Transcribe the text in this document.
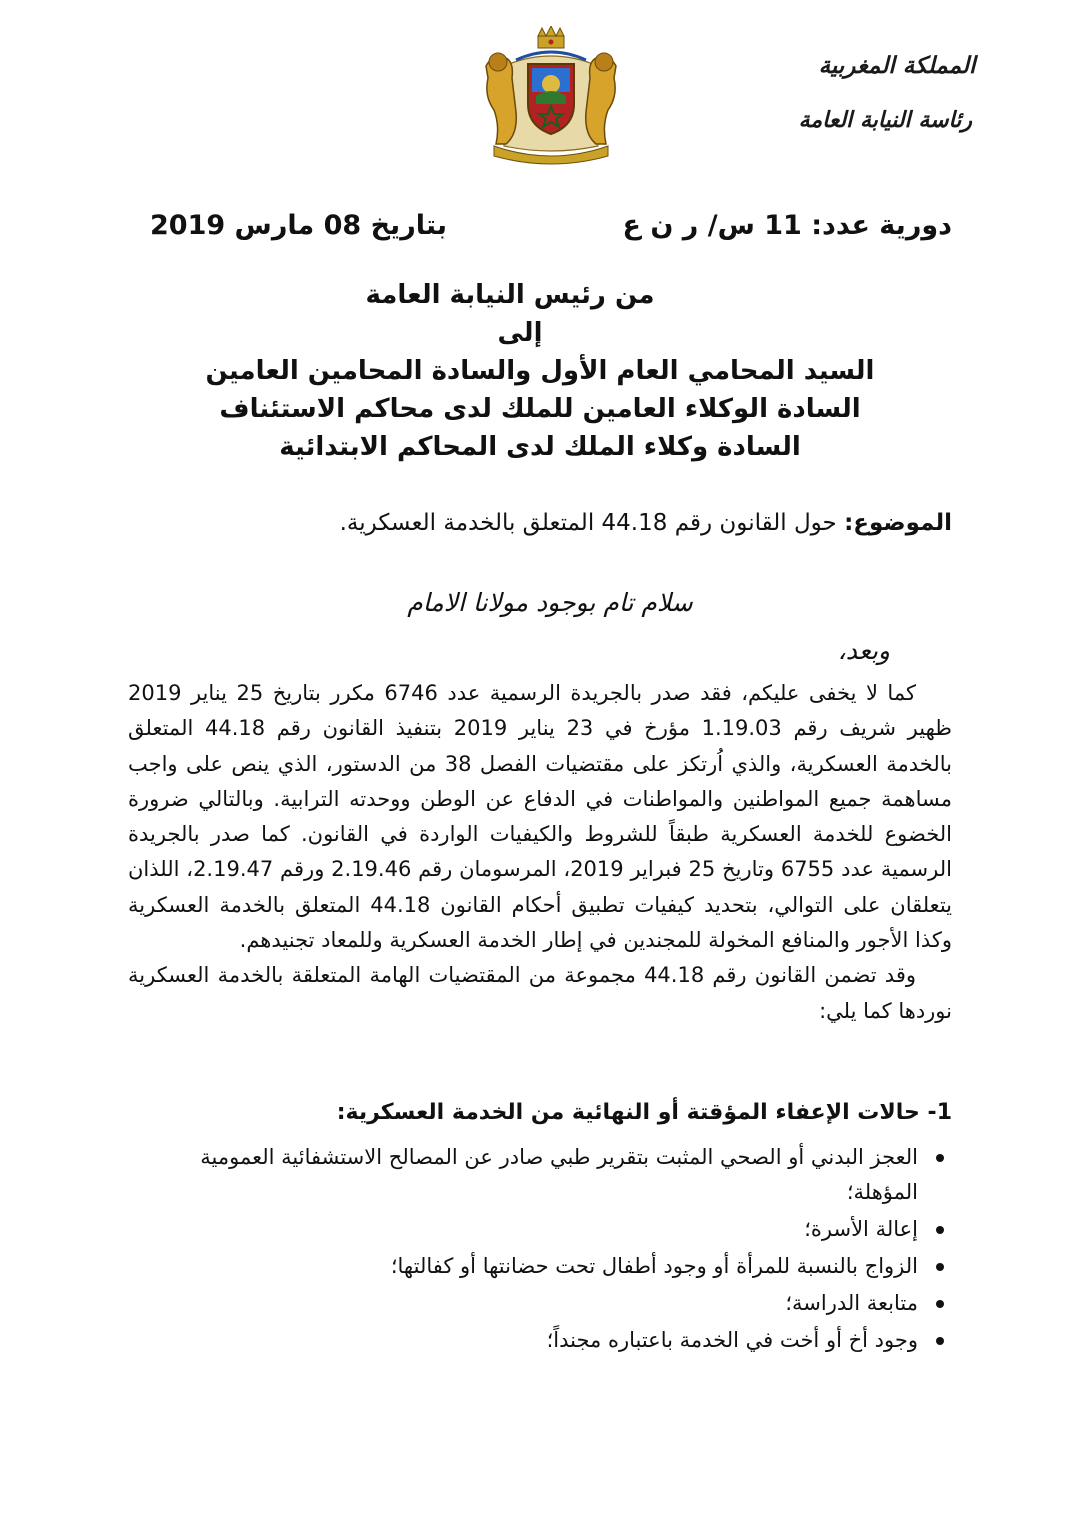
المملكة المغربية
رئاسة النيابة العامة
دورية عدد: 11 س/ ر ن ع
بتاريخ 08 مارس 2019
من رئيس النيابة العامة
إلى
السيد المحامي العام الأول والسادة المحامين العامين
السادة الوكلاء العامين للملك لدى محاكم الاستئناف
السادة وكلاء الملك لدى المحاكم الابتدائية
الموضوع: حول القانون رقم 44.18 المتعلق بالخدمة العسكرية.
سلام تام بوجود مولانا الامام
وبعد،

كما لا يخفى عليكم، فقد صدر بالجريدة الرسمية عدد 6746 مكرر بتاريخ 25 يناير 2019 ظهير شريف رقم 1.19.03 مؤرخ في 23 يناير 2019 بتنفيذ القانون رقم 44.18 المتعلق بالخدمة العسكرية، والذي اُرتكز على مقتضيات الفصل 38 من الدستور، الذي ينص على واجب مساهمة جميع المواطنين والمواطنات في الدفاع عن الوطن ووحدته الترابية. وبالتالي ضرورة الخضوع للخدمة العسكرية طبقاً للشروط والكيفيات الواردة في القانون. كما صدر بالجريدة الرسمية عدد 6755 وتاريخ 25 فبراير 2019، المرسومان رقم 2.19.46 ورقم 2.19.47، اللذان يتعلقان على التوالي، بتحديد كيفيات تطبيق أحكام القانون 44.18 المتعلق بالخدمة العسكرية وكذا الأجور والمنافع المخولة للمجندين في إطار الخدمة العسكرية وللمعاد تجنيدهم.

وقد تضمن القانون رقم 44.18 مجموعة من المقتضيات الهامة المتعلقة بالخدمة العسكرية نوردها كما يلي:

1- حالات الإعفاء المؤقتة أو النهائية من الخدمة العسكرية:
العجز البدني أو الصحي المثبت بتقرير طبي صادر عن المصالح الاستشفائية العمومية المؤهلة؛
إعالة الأسرة؛
الزواج بالنسبة للمرأة أو وجود أطفال تحت حضانتها أو كفالتها؛
متابعة الدراسة؛
وجود أخ أو أخت في الخدمة باعتباره مجنداً؛
